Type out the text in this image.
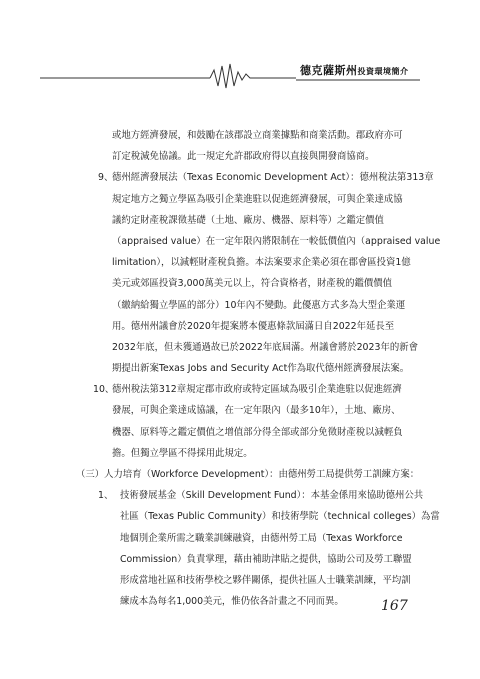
德克薩斯州投資環境簡介
或地方經濟發展，和鼓勵在該郡設立商業據點和商業活動。郡政府亦可
訂定稅減免協議。此一規定允許郡政府得以直接與開發商協商。
9、
德州經濟發展法（Texas Economic Development Act）：德州稅法第313章
規定地方之獨立學區為吸引企業進駐以促進經濟發展，可與企業達成協
議約定財產稅課徵基礎（土地、廠房、機器、原料等）之鑑定價值
（appraised value）在一定年限內將限制在一較低價值內（appraised value
limitation），以減輕財產稅負擔。本法案要求企業必須在郡會區投資1億
美元或郊區投資3,000萬美元以上，符合資格者，財產稅的鑑價價值
（繳納給獨立學區的部分）10年內不變動。此優惠方式多為大型企業運
用。德州州議會於2020年提案將本優惠條款屆滿日自2022年延長至
2032年底，但未獲通過故已於2022年底屆滿。州議會將於2023年的新會
期提出新案Texas Jobs and Security Act作為取代德州經濟發展法案。
10、
德州稅法第312章規定郡市政府或特定區域為吸引企業進駐以促進經濟
發展，可與企業達成協議，在一定年限內（最多10年），土地、廠房、
機器、原料等之鑑定價值之增值部分得全部或部分免徵財產稅以減輕負
擔。但獨立學區不得採用此規定。
（三）人力培育（Workforce Development）：由德州勞工局提供勞工訓練方案：
1、 技術發展基金（Skill Development Fund）：本基金係用來協助德州公共
社區（Texas Public Community）和技術學院（technical colleges）為當
地個別企業所需之職業訓練融資，由德州勞工局（Texas Workforce
Commission）負責掌理，藉由補助津貼之提供，協助公司及勞工聯盟
形成當地社區和技術學校之夥伴關係，提供社區人士職業訓練，平均訓
練成本為每名1,000美元，惟仍依各計畫之不同而異。	167
